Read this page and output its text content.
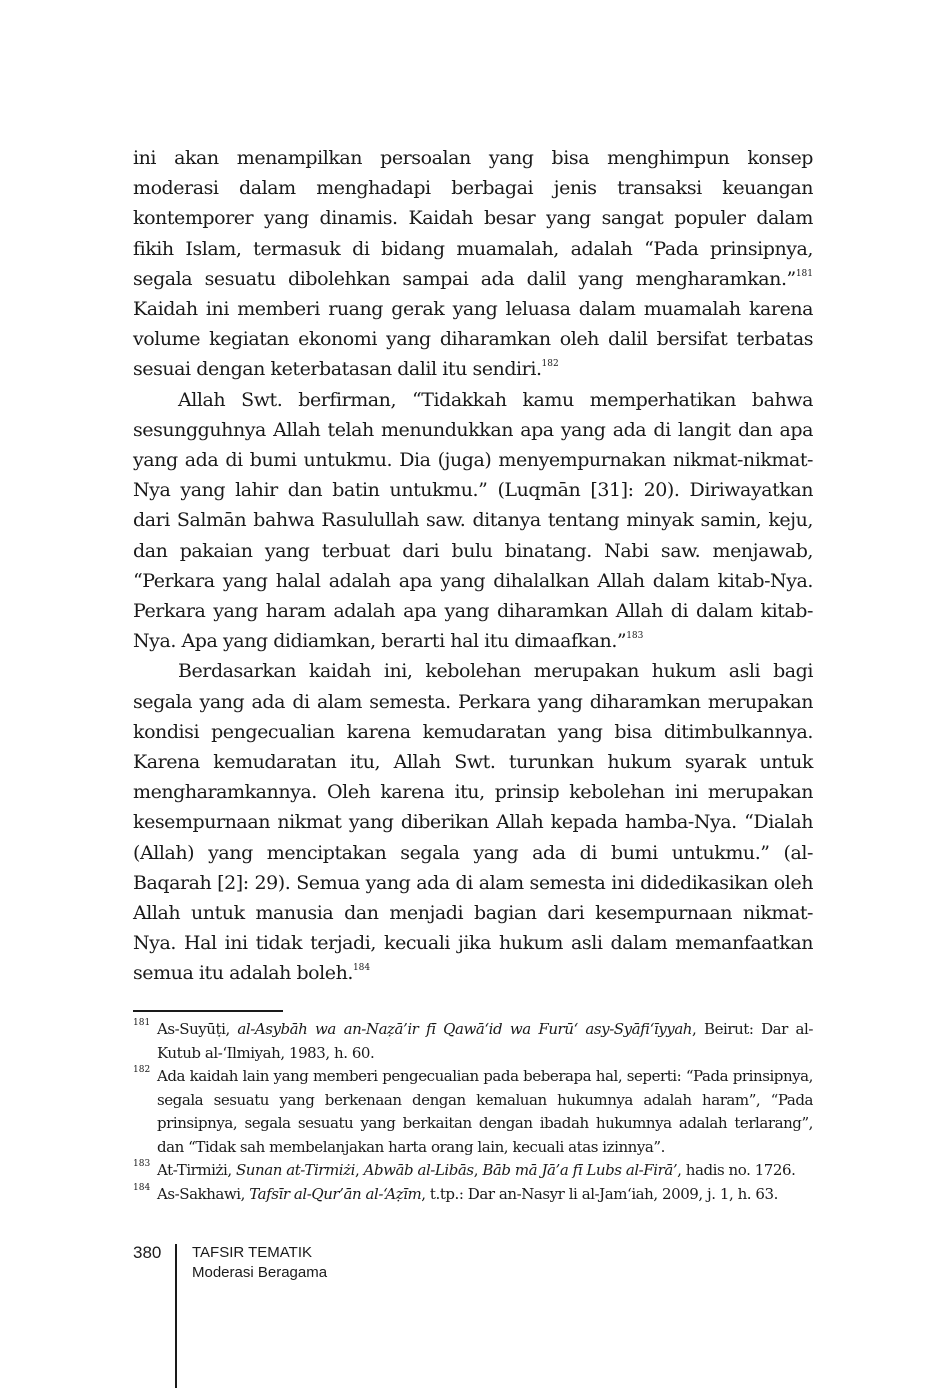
ini akan menampilkan persoalan yang bisa menghimpun konsep moderasi dalam menghadapi berbagai jenis transaksi keuangan kontemporer yang dinamis. Kaidah besar yang sangat populer dalam fikih Islam, termasuk di bidang muamalah, adalah “Pada prinsipnya, segala sesuatu dibolehkan sampai ada dalil yang mengharamkan.”$^{181}$ Kaidah ini memberi ruang gerak yang leluasa dalam muamalah karena volume kegiatan ekonomi yang diharamkan oleh dalil bersifat terbatas sesuai dengan keterbatasan dalil itu sendiri.$^{182}$

Allah Swt. berfirman, “Tidakkah kamu memperhatikan bahwa sesungguhnya Allah telah menundukkan apa yang ada di langit dan apa yang ada di bumi untukmu. Dia (juga) menyempurnakan nikmat-nikmat-Nya yang lahir dan batin untukmu.” (Luqmān [31]: 20). Diriwayatkan dari Salmān bahwa Rasulullah saw. ditanya tentang minyak samin, keju, dan pakaian yang terbuat dari bulu binatang. Nabi saw. menjawab, “Perkara yang halal adalah apa yang dihalalkan Allah dalam kitab-Nya. Perkara yang haram adalah apa yang diharamkan Allah di dalam kitab-Nya. Apa yang didiamkan, berarti hal itu dimaafkan.”$^{183}$

Berdasarkan kaidah ini, kebolehan merupakan hukum asli bagi segala yang ada di alam semesta. Perkara yang diharamkan merupakan kondisi pengecualian karena kemudaratan yang bisa ditimbulkannya. Karena kemudaratan itu, Allah Swt. turunkan hukum syarak untuk mengharamkannya. Oleh karena itu, prinsip kebolehan ini merupakan kesempurnaan nikmat yang diberikan Allah kepada hamba-Nya. “Dialah (Allah) yang menciptakan segala yang ada di bumi untukmu.” (al-Baqarah [2]: 29). Semua yang ada di alam semesta ini didedikasikan oleh Allah untuk manusia dan menjadi bagian dari kesempurnaan nikmat-Nya. Hal ini tidak terjadi, kecuali jika hukum asli dalam memanfaatkan semua itu adalah boleh.$^{184}$

181 As-Suyūṭi, al-Asybāh wa an-Naẓā’ir fī Qawā‘id wa Furū‘ asy-Syāfi‘īyyah, Beirut: Dar al-Kutub al-‘Ilmiyah, 1983, h. 60.

182 Ada kaidah lain yang memberi pengecualian pada beberapa hal, seperti: “Pada prinsipnya, segala sesuatu yang berkenaan dengan kemaluan hukumnya adalah haram”, “Pada prinsipnya, segala sesuatu yang berkaitan dengan ibadah hukumnya adalah terlarang”, dan “Tidak sah membelanjakan harta orang lain, kecuali atas izinnya”.

183 At-Tirmiżi, Sunan at-Tirmiżi, Abwāb al-Libās, Bāb mā Jā’a fī Lubs al-Firā’, hadis no. 1726.

184 As-Sakhawi, Tafsīr al-Qur’ān al-‘Aẓīm, t.tp.: Dar an-Nasyr li al-Jam‘iah, 2009, j. 1, h. 63.

380 TAFSIR TEMATIK
Moderasi Beragama
